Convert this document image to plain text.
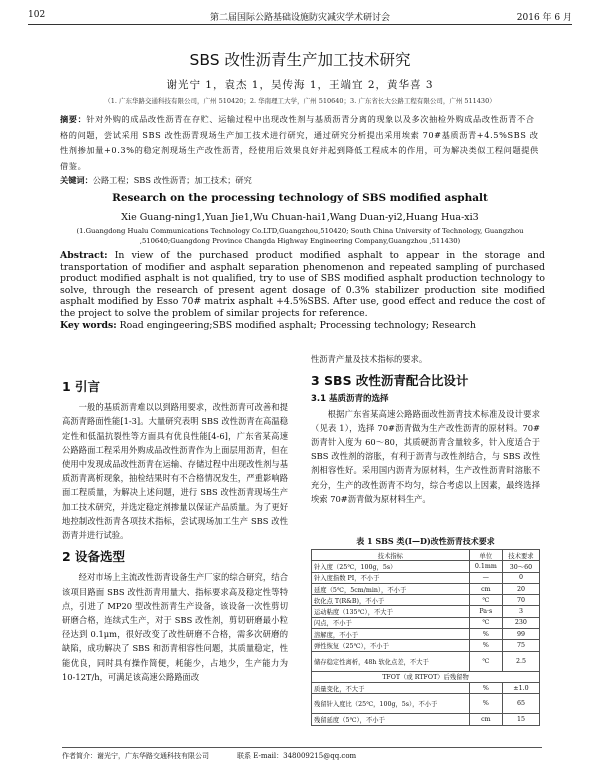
102	第二届国际公路基础设施防灾减灾学术研讨会	2016 年 6 月
SBS 改性沥青生产加工技术研究
谢光宁 1，袁杰 1，吴传海 1，王端宜 2，黄华喜 3
（1. 广东华路交通科技有限公司，广州 510420；2. 华南理工大学，广州 510640；3. 广东省长大公路工程有限公司，广州 511430）
摘要：针对外购的成品改性沥青在存贮、运输过程中出现改性剂与基质沥青分离的现象以及多次抽检外购成品改性沥青不合格的问题，尝试采用 SBS 改性沥青现场生产加工技术进行研究，通过研究分析提出采用埃索 70#基质沥青+4.5%SBS 改性剂掺加量+0.3%的稳定剂现场生产改性沥青，经使用后效果良好并起到降低工程成本的作用，可为解决类似工程问题提供借鉴。
关键词：公路工程；SBS 改性沥青；加工技术；研究
Research on the processing technology of SBS modified asphalt
Xie Guang-ning1,Yuan Jie1,Wu Chuan-hai1,Wang Duan-yi2,Huang Hua-xi3
(1.Guangdong Hualu Communications Technology Co.LTD,Guangzhou,510420; South China University of Technology, Guangzhou ,510640;Guangdong Province Changda Highway Engineering Company,Guangzhou ,511430)
Abstract: In view of the purchased product modified asphalt to appear in the storage and transportation of modifier and asphalt separation phenomenon and repeated sampling of purchased product modified asphalt is not qualified, try to use of SBS modified asphalt production technology to solve, through the research of present agent dosage of 0.3% stabilizer production site modified asphalt modified by Esso 70# matrix asphalt +4.5%SBS. After use, good effect and reduce the cost of the project to solve the problem of similar projects for reference.
Key words: Road engingeering;SBS modified asphalt; Processing technology; Research
1 引言

一般的基质沥青难以以到路用要求，改性沥青可改善和提高沥青路面性能[1-3]。大量研究表明 SBS 改性沥青在高温稳定性和低温抗裂性等方面具有优良性能[4-6]，广东省某高速公路路面工程采用外购成品改性沥青作为上面层用沥青，但在使用中发现成品改性沥青在运输、存储过程中出现改性剂与基质沥青离析现象，抽检结果时有不合格情况发生，严重影响路面工程质量，为解决上述问题，进行 SBS 改性沥青现场生产加工技术研究，并选定稳定剂掺量以保证产品质量。为了更好地控制改性沥青各项技术指标，尝试现场加工生产 SBS 改性沥青并进行试验。

2 设备选型

经对市场上主流改性沥青设备生产厂家的综合研究，结合该项目路面 SBS 改性沥青用量大、指标要求高及稳定性等特点，引进了 MP20 型改性沥青生产设备，该设备一次性剪切研磨合格，连续式生产，对于 SBS 改性剂，剪切研磨最小粒径达到 0.1μm，很好改变了改性研磨不合格，需多次研磨的缺陷，成功解决了 SBS 和沥青相容性问题，其质量稳定，性能优良，同时具有操作简便，耗能少，占地少，生产能力为 10-12T/h，可满足该高速公路路面改

性沥青产量及技术指标的要求。
3 SBS 改性沥青配合比设计
3.1 基质沥青的选择

根据广东省某高速公路路面改性沥青技术标准及设计要求（见表 1），选择 70#沥青做为生产改性沥青的原材料。70#沥青针入度为 60～80，其质硬沥青含量较多，针入度适合于 SBS 改性剂的溶胀，有利于沥青与改性剂结合，与 SBS 改性剂相容性好。采用国内沥青为原材料，生产改性沥青时溶胀不充分，生产的改性沥青不均匀，综合考虑以上因素，最终选择埃索 70#沥青做为原材料生产。

表 1 SBS 类(I—D)改性沥青技术要求
技术指标	单位	技术要求
针入度（25℃，100g，5s）	0.1mm	30～60
针入度指数 PI，不小于	—	0
延度（5℃，5cm/min），不小于	cm	20
软化点 T(R&B)，不小于	℃	70
运动粘度（135℃），不大于	Pa·s	3
闪点，不小于	℃	230
溶解度，不小于	%	99
弹性恢复（25℃），不小于	%	75
储存稳定性离析，48h 软化点差，不大于	℃	2.5
TFOT（或 RTFOT）后残留物		
质量变化，不大于	%	±1.0
残留针入度比（25℃，100g，5s），不小于	%	65
残留延度（5℃），不小于	cm	15
作者简介：谢光宁，广东华路交通科技有限公司	联系 E-mail：348009215@qq.com
